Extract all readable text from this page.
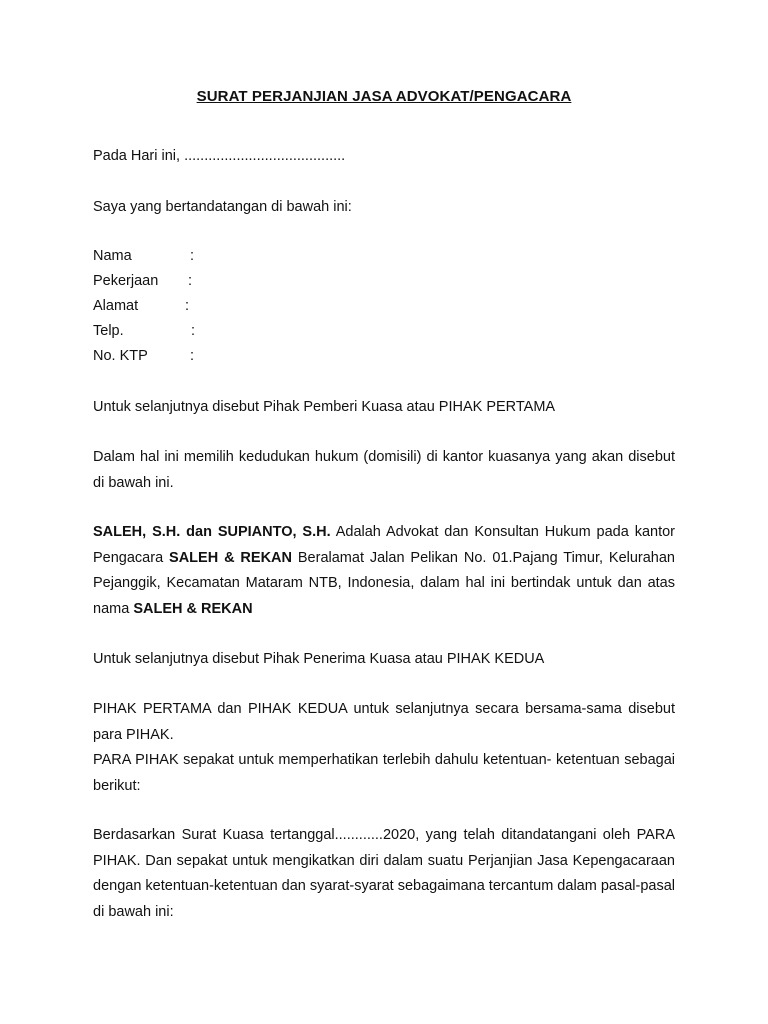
SURAT PERJANJIAN JASA ADVOKAT/PENGACARA
Pada Hari ini, ........................................
Saya yang bertandatangan di bawah ini:
Nama	:
Pekerjaan :
Alamat	:
Telp.	:
No. KTP	:
Untuk selanjutnya disebut Pihak Pemberi Kuasa atau PIHAK PERTAMA
Dalam hal ini memilih kedudukan hukum (domisili) di kantor kuasanya yang akan disebut di bawah ini.
SALEH, S.H. dan SUPIANTO, S.H. Adalah Advokat dan Konsultan Hukum pada kantor Pengacara SALEH & REKAN Beralamat Jalan Pelikan No. 01.Pajang Timur, Kelurahan Pejanggik, Kecamatan Mataram NTB, Indonesia, dalam hal ini bertindak untuk dan atas nama SALEH & REKAN
Untuk selanjutnya disebut Pihak Penerima Kuasa atau PIHAK KEDUA
PIHAK PERTAMA dan PIHAK KEDUA untuk selanjutnya secara bersama-sama disebut para PIHAK.
PARA PIHAK sepakat untuk memperhatikan terlebih dahulu ketentuan- ketentuan sebagai berikut:
Berdasarkan Surat Kuasa tertanggal............2020, yang telah ditandatangani oleh PARA PIHAK. Dan sepakat untuk mengikatkan diri dalam suatu Perjanjian Jasa Kepengacaraan dengan ketentuan-ketentuan dan syarat-syarat sebagaimana tercantum dalam pasal-pasal di bawah ini:
